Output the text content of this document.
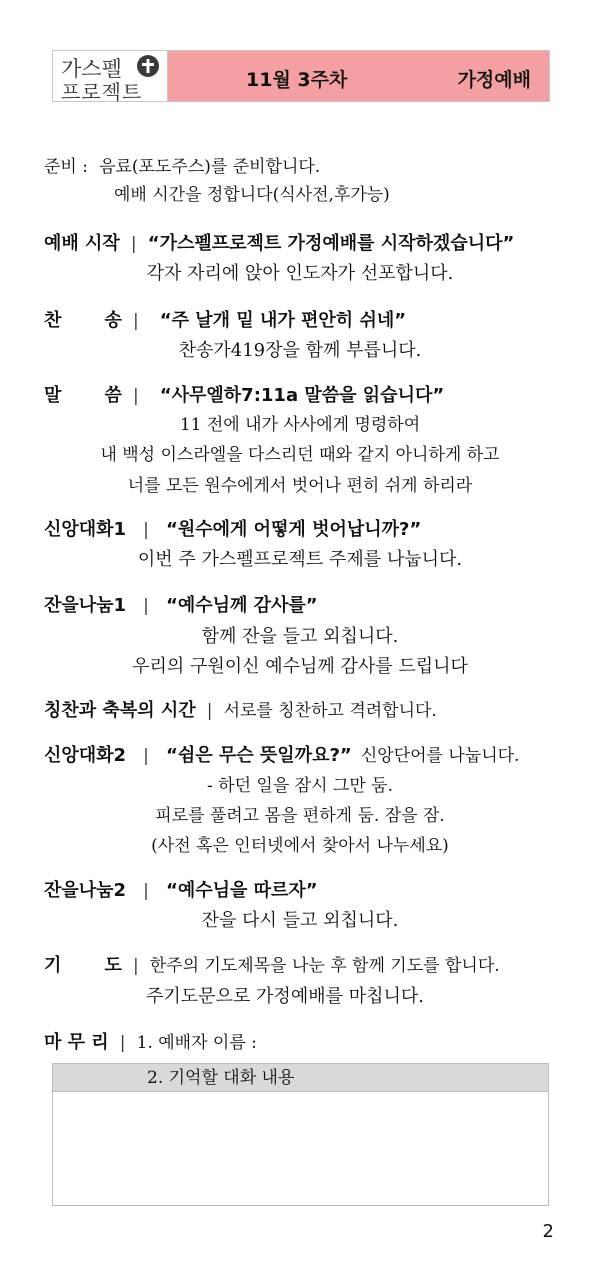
가스펠
프로젝트	11월 3주차	가정예배
준비 : 음료(포도주스)를 준비합니다.
예배 시간을 정합니다(식사전,후가능)
예배 시작 | “가스펠프로젝트 가정예배를 시작하겠습니다”
각자 자리에 앉아 인도자가 선포합니다.
찬 송 | “주 날개 밑 내가 편안히 쉬네”
찬송가419장을 함께 부릅니다.
말 씀 | “사무엘하7:11a 말씀을 읽습니다”
11 전에 내가 사사에게 명령하여
내 백성 이스라엘을 다스리던 때와 같지 아니하게 하고
너를 모든 원수에게서 벗어나 편히 쉬게 하리라
신앙대화1 | “원수에게 어떻게 벗어납니까?”
이번 주 가스펠프로젝트 주제를 나눕니다.
잔을나눔1 | “예수님께 감사를”
함께 잔을 들고 외칩니다.
우리의 구원이신 예수님께 감사를 드립니다
칭찬과 축복의 시간 | 서로를 칭찬하고 격려합니다.
신앙대화2 | “쉼은 무슨 뜻일까요?” 신앙단어를 나눕니다.
- 하던 일을 잠시 그만 둠.
피로를 풀려고 몸을 편하게 둠. 잠을 잠.
(사전 혹은 인터넷에서 찾아서 나누세요)
잔을나눔2 | “예수님을 따르자”
잔을 다시 들고 외칩니다.
기 도 | 한주의 기도제목을 나눈 후 함께 기도를 합니다.
주기도문으로 가정예배를 마칩니다.
마 무 리 | 1. 예배자 이름 :
2. 기억할 대화 내용
2
